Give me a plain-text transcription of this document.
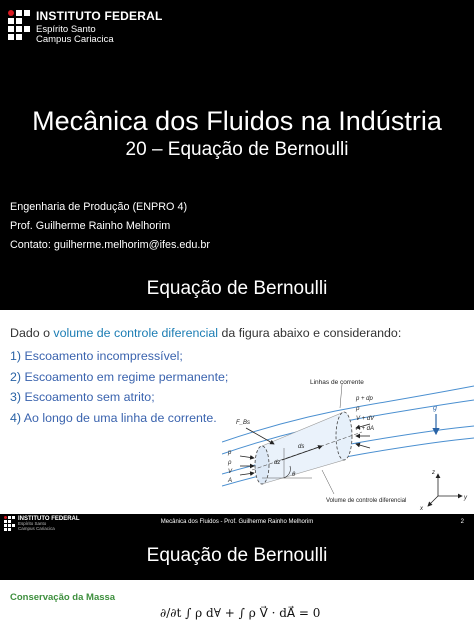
INSTITUTO FEDERAL
Espírito Santo
Campus Cariacica
Mecânica dos Fluidos na Indústria
20 – Equação de Bernoulli
Engenharia de Produção (ENPRO 4)
Prof. Guilherme Rainho Melhorim
Contato: guilherme.melhorim@ifes.edu.br
Equação de Bernoulli
Dado o volume de controle diferencial da figura abaixo e considerando:
1) Escoamento incompressível;
2) Escoamento em regime permanente;
3) Escoamento sem atrito;
4) Ao longo de uma linha de corrente.
Linhas de corrente
p + dp
ρ
V + dV
A + dA
F_Bs
ds
dz
p
ρ
V
A
θ
Volume de controle diferencial
g
z
x
y
INSTITUTO FEDERAL
Espírito Santo
Campus Cariacica
Mecânica dos Fluidos - Prof. Guilherme Rainho Melhorim	2
Equação de Bernoulli
Conservação da Massa
∂/∂t ∫ ρ d∀ + ∫ ρ V⃗ · dA⃗ = 0
